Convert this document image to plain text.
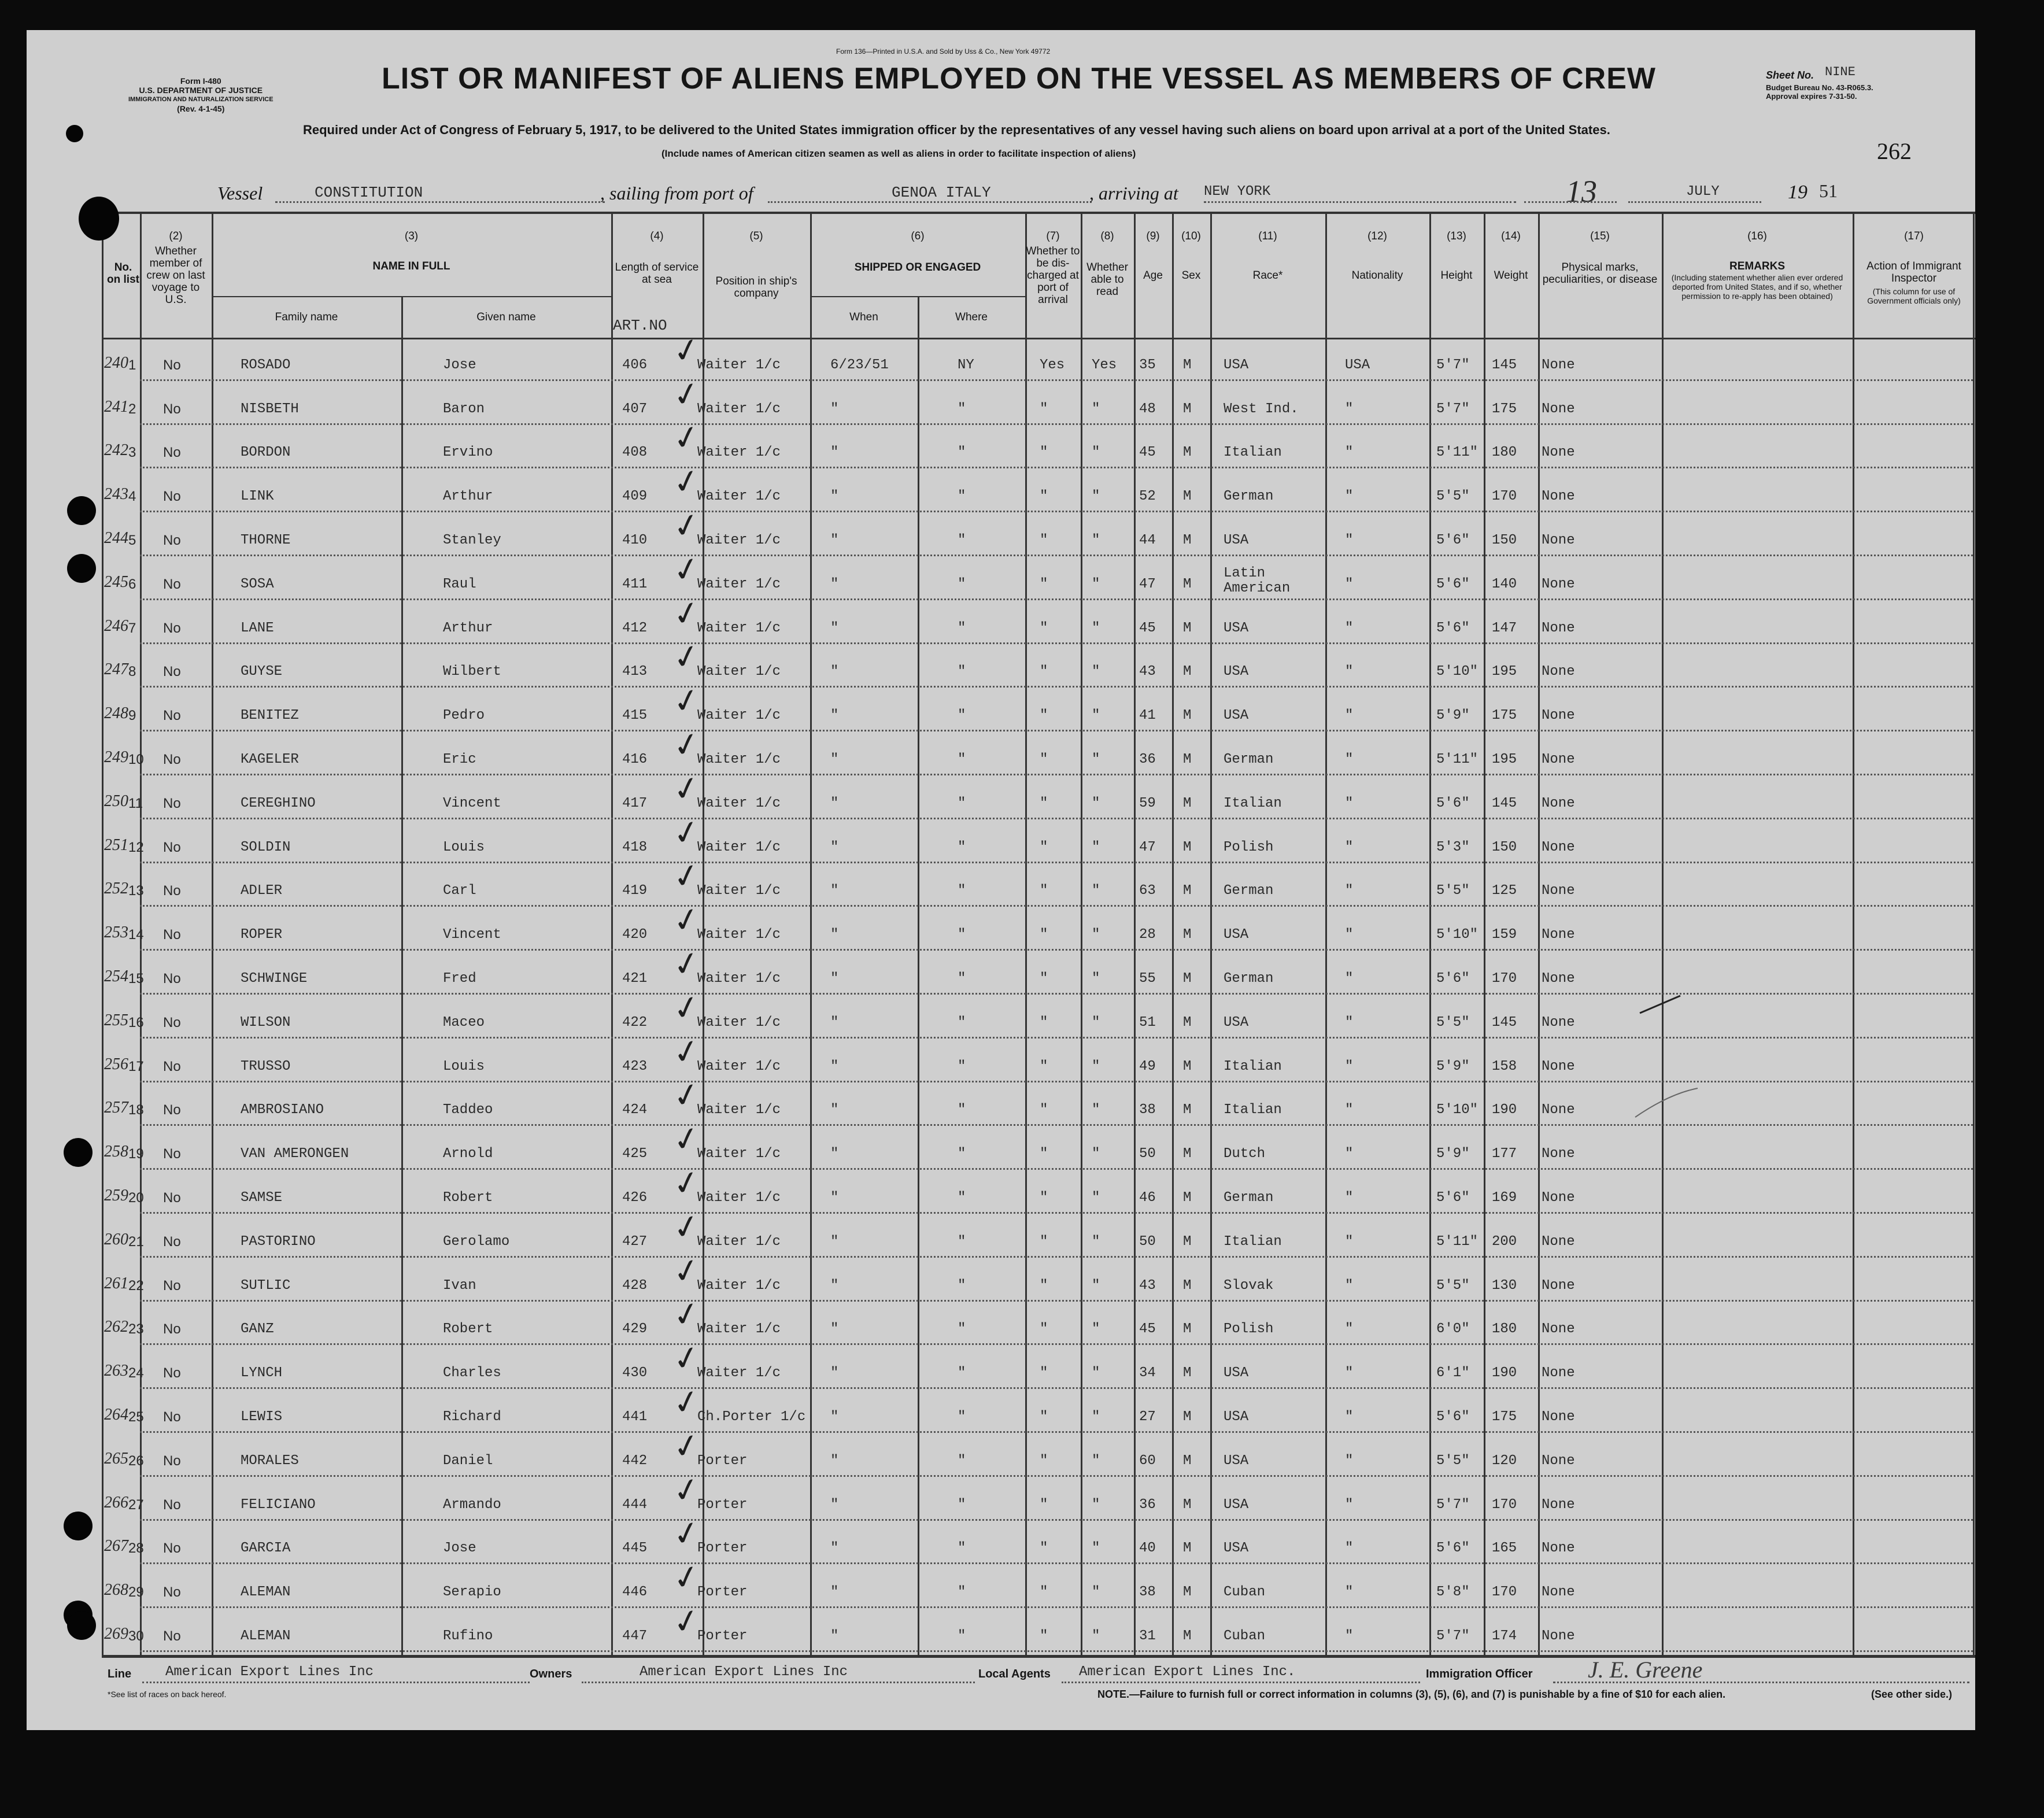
Form I-480
U.S. DEPARTMENT OF JUSTICE
IMMIGRATION AND NATURALIZATION SERVICE
(Rev. 4-1-45)
Form 136—Printed in U.S.A. and Sold by Uss & Co., New York 49772
LIST OR MANIFEST OF ALIENS EMPLOYED ON THE VESSEL AS MEMBERS OF CREW
Required under Act of Congress of February 5, 1917, to be delivered to the United States immigration officer by the representatives of any vessel having such aliens on board upon arrival at a port of the United States.
(Include names of American citizen seamen as well as aliens in order to facilitate inspection of aliens)
Sheet No. NINE
Budget Bureau No. 43-R065.3.
Approval expires 7-31-50.
262
Vessel	CONSTITUTION	, sailing from port of	GENOA ITALY	, arriving at NEW YORK	13	JULY	19 51
No. on list
(2)
Whether member of crew on last voyage to U.S.
(3)
NAME IN FULL
Family name	Given name
(4)
Length of service at sea
ART.NO
(5)
Position in ship's company
(6)
SHIPPED OR ENGAGED
When	Where
(7)
Whether to be dis-charged at port of arrival
(8)
Whether able to read
(9)
Age
(10)
Sex
(11)
Race*
(12)
Nationality
(13)
Height
(14)
Weight
(15)
Physical marks, peculiarities, or disease
(16)
REMARKS
(Including statement whether alien ever ordered deported from United States, and if so, whether permission to re-apply has been obtained)
(17)
Action of Immigrant Inspector
(This column for use of Government officials only)
240 1 No	ROSADO	Jose	406	Waiter 1/c	6/23/51	NY	Yes Yes 35 M USA	USA	5'7" 145 None
✓
241 2 No	NISBETH	Baron	407	Waiter 1/c	"	"	"	"	48 M West Ind.	"	5'7" 175 None
✓
242 3 No	BORDON	Ervino	408	Waiter 1/c	"	"	"	"	45 M Italian	"	5'11" 180 None
✓
243 4 No	LINK	Arthur	409	Waiter 1/c	"	"	"	"	52 M German	"	5'5" 170 None
✓
244 5 No	THORNE	Stanley	410	Waiter 1/c	"	"	"	"	44 M USA	"	5'6" 150 None
✓
245 6 No	SOSA	Raul	411	Waiter 1/c	"	"	"	"	47 M
Latin American	"	5'6" 140 None
✓
246 7 No	LANE	Arthur	412	Waiter 1/c	"	"	"	"	45 M USA	"	5'6" 147 None
✓
247 8 No	GUYSE	Wilbert	413	Waiter 1/c	"	"	"	"	43 M USA	"	5'10" 195 None
✓
248 9 No	BENITEZ	Pedro	415	Waiter 1/c	"	"	"	"	41 M USA	"	5'9" 175 None
✓
249 10 No	KAGELER	Eric	416	Waiter 1/c	"	"	"	"	36 M German	"	5'11" 195 None
✓
250 11 No	CEREGHINO	Vincent	417	Waiter 1/c	"	"	"	"	59 M Italian	"	5'6" 145 None
✓
251 12 No	SOLDIN	Louis	418	Waiter 1/c	"	"	"	"	47 M Polish	"	5'3" 150 None
✓
252 13 No	ADLER	Carl	419	Waiter 1/c	"	"	"	"	63 M German	"	5'5" 125 None
✓
253 14 No	ROPER	Vincent	420	Waiter 1/c	"	"	"	"	28 M USA	"	5'10" 159 None
✓
254 15 No	SCHWINGE	Fred	421	Waiter 1/c	"	"	"	"	55 M German	"	5'6" 170 None
✓
255 16 No	WILSON	Maceo	422	Waiter 1/c	"	"	"	"	51 M USA	"	5'5" 145 None
✓
256 17 No	TRUSSO	Louis	423	Waiter 1/c	"	"	"	"	49 M Italian	"	5'9" 158 None
✓
257 18 No	AMBROSIANO	Taddeo	424	Waiter 1/c	"	"	"	"	38 M Italian	"	5'10" 190 None
✓
258 19 No	VAN AMERONGEN	Arnold	425	Waiter 1/c	"	"	"	"	50 M Dutch	"	5'9" 177 None
✓
259 20 No	SAMSE	Robert	426	Waiter 1/c	"	"	"	"	46 M German	"	5'6" 169 None
✓
260 21 No	PASTORINO	Gerolamo	427	Waiter 1/c	"	"	"	"	50 M Italian	"	5'11" 200 None
✓
261 22 No	SUTLIC	Ivan	428	Waiter 1/c	"	"	"	"	43 M Slovak	"	5'5" 130 None
✓
262 23 No	GANZ	Robert	429	Waiter 1/c	"	"	"	"	45 M Polish	"	6'0" 180 None
✓
263 24 No	LYNCH	Charles	430	Waiter 1/c	"	"	"	"	34 M USA	"	6'1" 190 None
✓
264 25 No	LEWIS	Richard	441	Ch.Porter 1/c "	"	"	"	27 M USA	"	5'6" 175 None
✓
265 26 No	MORALES	Daniel	442	Porter	"	"	"	"	60 M USA	"	5'5" 120 None
✓
266 27 No	FELICIANO	Armando	444	Porter	"	"	"	"	36 M USA	"	5'7" 170 None
✓
267 28 No	GARCIA	Jose	445	Porter	"	"	"	"	40 M USA	"	5'6" 165 None
✓
268 29 No	ALEMAN	Serapio	446	Porter	"	"	"	"	38 M Cuban	"	5'8" 170 None
✓
269 30 No	ALEMAN	Rufino	447	Porter	"	"	"	"	31 M Cuban	"	5'7" 174 None
✓
Line American Export Lines Inc	Owners	American Export Lines Inc	Local Agents American Export Lines Inc.	Immigration Officer J. E. Greene
*See list of races on back hereof.	NOTE.—Failure to furnish full or correct information in columns (3), (5), (6), and (7) is punishable by a fine of $10 for each alien.	(See other side.)
